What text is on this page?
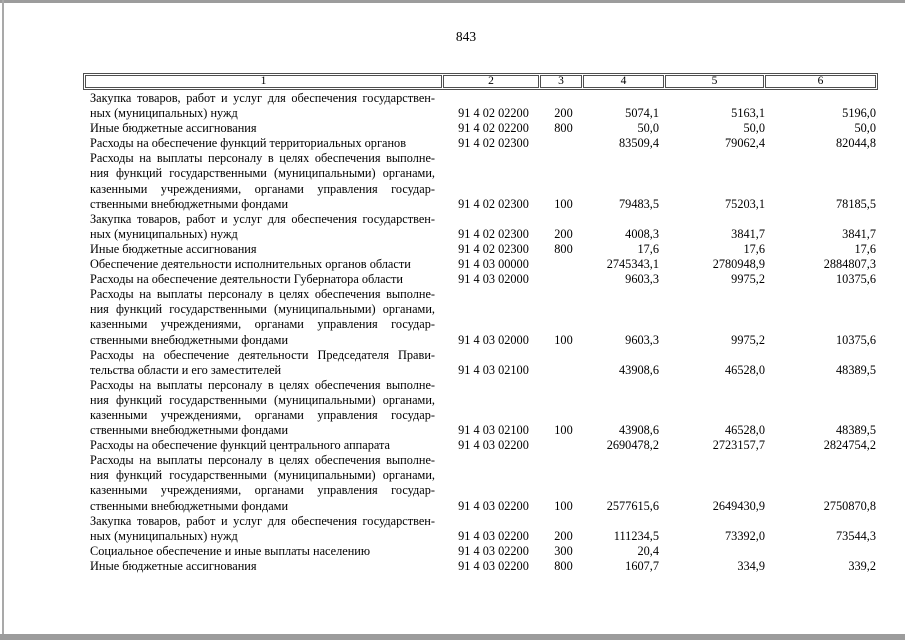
843
1	2	3	4	5	6
Закупка товаров, работ и услуг для обеспечения государствен-
ных (муниципальных) нужд	91 4 02 02200	200	5074,1	5163,1	5196,0

Иные бюджетные ассигнования	91 4 02 02200	800	50,0	50,0	50,0

Расходы на обеспечение функций территориальных органов	91 4 02 02300		83509,4	79062,4	82044,8

Расходы на выплаты персоналу в целях обеспечения выполне-
ния функций государственными (муниципальными) органами,
казенными учреждениями, органами управления государ-
ственными внебюджетными фондами	91 4 02 02300	100	79483,5	75203,1	78185,5

Закупка товаров, работ и услуг для обеспечения государствен-
ных (муниципальных) нужд	91 4 02 02300	200	4008,3	3841,7	3841,7

Иные бюджетные ассигнования	91 4 02 02300	800	17,6	17,6	17,6

Обеспечение деятельности исполнительных органов области	91 4 03 00000		2745343,1	2780948,9	2884807,3

Расходы на обеспечение деятельности Губернатора области	91 4 03 02000		9603,3	9975,2	10375,6

Расходы на выплаты персоналу в целях обеспечения выполне-
ния функций государственными (муниципальными) органами,
казенными учреждениями, органами управления государ-
ственными внебюджетными фондами	91 4 03 02000	100	9603,3	9975,2	10375,6

Расходы на обеспечение деятельности Председателя Прави-
тельства области и его заместителей	91 4 03 02100		43908,6	46528,0	48389,5

Расходы на выплаты персоналу в целях обеспечения выполне-
ния функций государственными (муниципальными) органами,
казенными учреждениями, органами управления государ-
ственными внебюджетными фондами	91 4 03 02100	100	43908,6	46528,0	48389,5

Расходы на обеспечение функций центрального аппарата	91 4 03 02200		2690478,2	2723157,7	2824754,2

Расходы на выплаты персоналу в целях обеспечения выполне-
ния функций государственными (муниципальными) органами,
казенными учреждениями, органами управления государ-
ственными внебюджетными фондами	91 4 03 02200	100	2577615,6	2649430,9	2750870,8

Закупка товаров, работ и услуг для обеспечения государствен-
ных (муниципальных) нужд	91 4 03 02200	200	111234,5	73392,0	73544,3

Социальное обеспечение и иные выплаты населению	91 4 03 02200	300	20,4		

Иные бюджетные ассигнования	91 4 03 02200	800	1607,7	334,9	339,2
